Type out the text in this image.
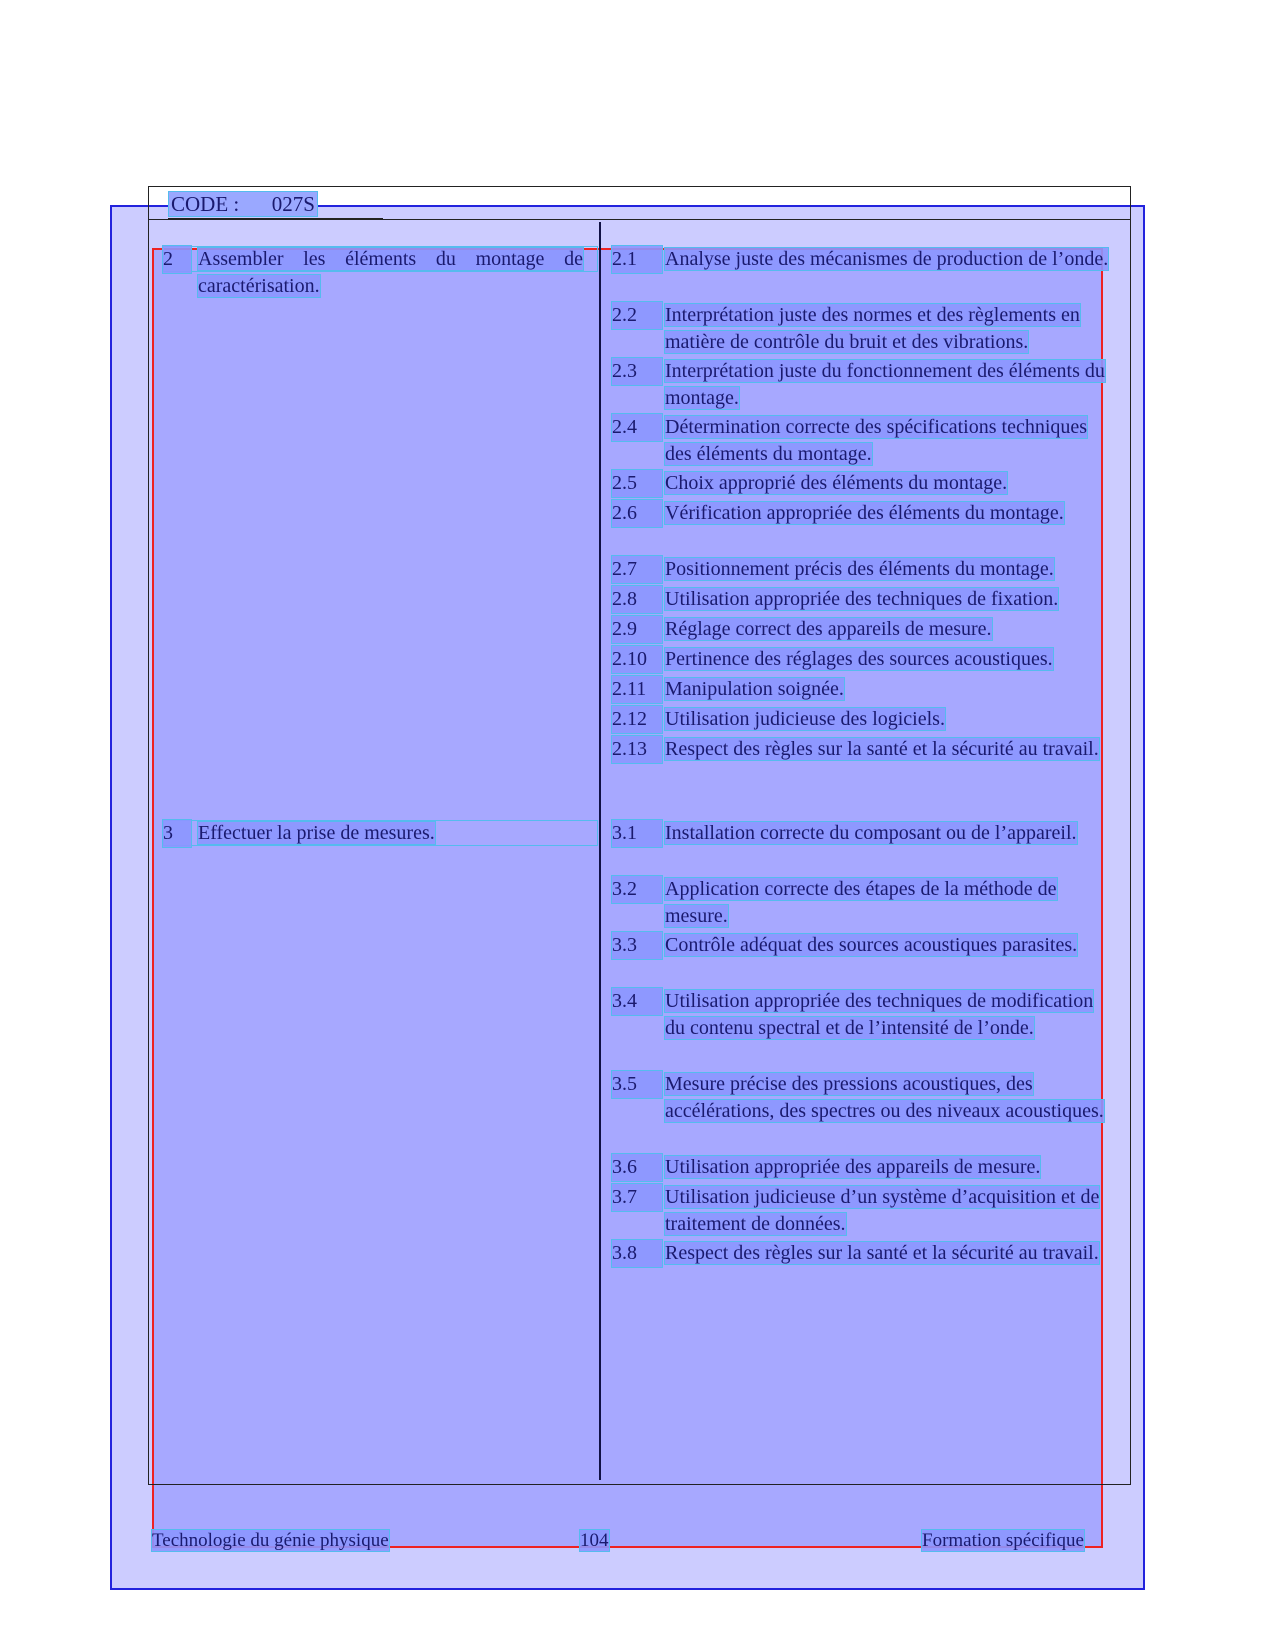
CODE : 027S
2	Assembler les éléments du montage de caractérisation.
3	Effectuer la prise de mesures.
2.1	Analyse juste des mécanismes de production de l’onde.
2.2	Interprétation juste des normes et des règlements en matière de contrôle du bruit et des vibrations.
2.3	Interprétation juste du fonctionnement des éléments du montage.
2.4	Détermination correcte des spécifications techniques des éléments du montage.
2.5	Choix approprié des éléments du montage.
2.6	Vérification appropriée des éléments du montage.
2.7	Positionnement précis des éléments du montage.
2.8	Utilisation appropriée des techniques de fixation.
2.9	Réglage correct des appareils de mesure.
2.10 Pertinence des réglages des sources acoustiques.
2.11 Manipulation soignée.
2.12 Utilisation judicieuse des logiciels.
2.13 Respect des règles sur la santé et la sécurité au travail.
3.1	Installation correcte du composant ou de l’appareil.
3.2	Application correcte des étapes de la méthode de mesure.
3.3	Contrôle adéquat des sources acoustiques parasites.
3.4	Utilisation appropriée des techniques de modification du contenu spectral et de l’intensité de l’onde.
3.5	Mesure précise des pressions acoustiques, des accélérations, des spectres ou des niveaux acoustiques.
3.6	Utilisation appropriée des appareils de mesure.
3.7	Utilisation judicieuse d’un système d’acquisition et de traitement de données.
3.8	Respect des règles sur la santé et la sécurité au travail.
Technologie du génie physique	104	Formation spécifique
